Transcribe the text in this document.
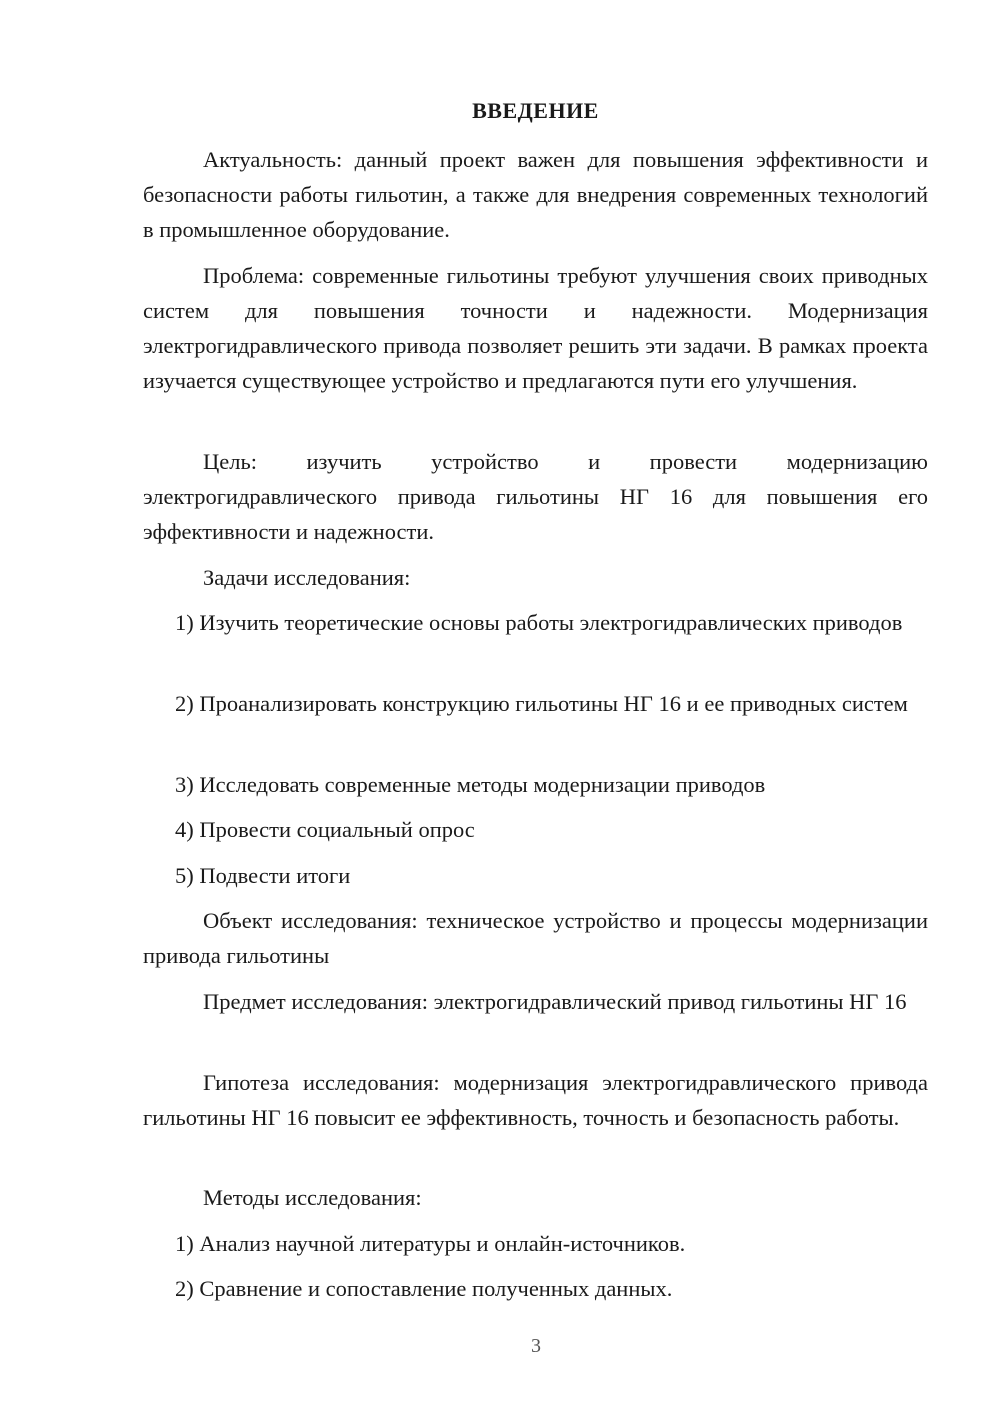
ВВЕДЕНИЕ
Актуальность: данный проект важен для повышения эффективности и безопасности работы гильотин, а также для внедрения современных технологий в промышленное оборудование.
Проблема: современные гильотины требуют улучшения своих приводных систем для повышения точности и надежности. Модернизация электрогидравлического привода позволяет решить эти задачи. В рамках проекта изучается существующее устройство и предлагаются пути его улучшения.
Цель: изучить устройство и провести модернизацию электрогидравлического привода гильотины НГ 16 для повышения его эффективности и надежности.
Задачи исследования:
1) Изучить теоретические основы работы электрогидравлических приводов
2) Проанализировать конструкцию гильотины НГ 16 и ее приводных систем
3) Исследовать современные методы модернизации приводов
4) Провести социальный опрос
5) Подвести итоги
Объект исследования: техническое устройство и процессы модернизации привода гильотины
Предмет исследования: электрогидравлический привод гильотины НГ 16
Гипотеза исследования: модернизация электрогидравлического привода гильотины НГ 16 повысит ее эффективность, точность и безопасность работы.
Методы исследования:
1) Анализ научной литературы и онлайн-источников.
2) Сравнение и сопоставление полученных данных.
3
